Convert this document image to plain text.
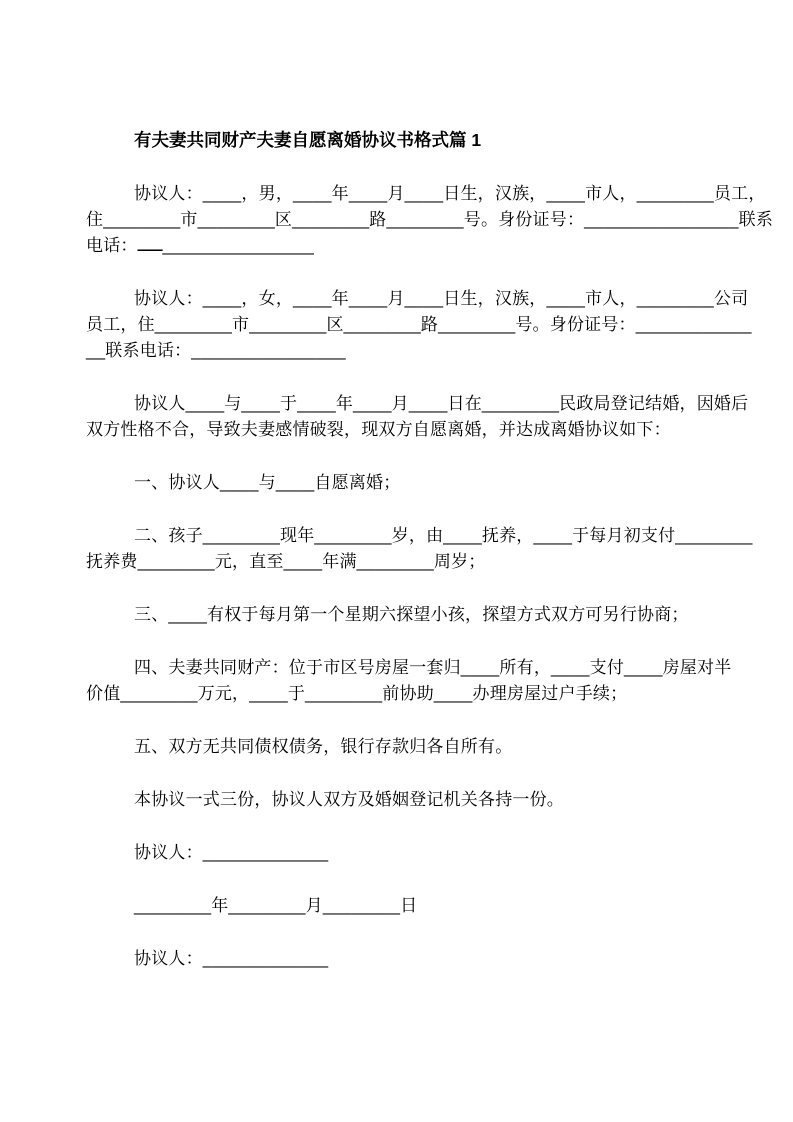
有夫妻共同财产夫妻自愿离婚协议书格式篇 1
协议人：____，男，____年____月____日生，汉族，____市人，________员工，
住________市________区________路________号。身份证号：________________联系
电话：ـــــ________________
协议人：____，女，____年____月____日生，汉族，____市人，________公司
员工，住________市________区________路________号。身份证号：____________
__联系电话：________________
协议人____与____于____年____月____日在________民政局登记结婚，因婚后
双方性格不合，导致夫妻感情破裂，现双方自愿离婚，并达成离婚协议如下：
一、协议人____与____自愿离婚；
二、孩子________现年________岁，由____抚养，____于每月初支付________
抚养费________元，直至____年满________周岁；
三、____有权于每月第一个星期六探望小孩，探望方式双方可另行协商；
四、夫妻共同财产：位于市区号房屋一套归____所有，____支付____房屋对半
价值________万元，____于________前协助____办理房屋过户手续；
五、双方无共同债权债务，银行存款归各自所有。
本协议一式三份，协议人双方及婚姻登记机关各持一份。
协议人：_____________
________年________月________日
协议人：_____________
